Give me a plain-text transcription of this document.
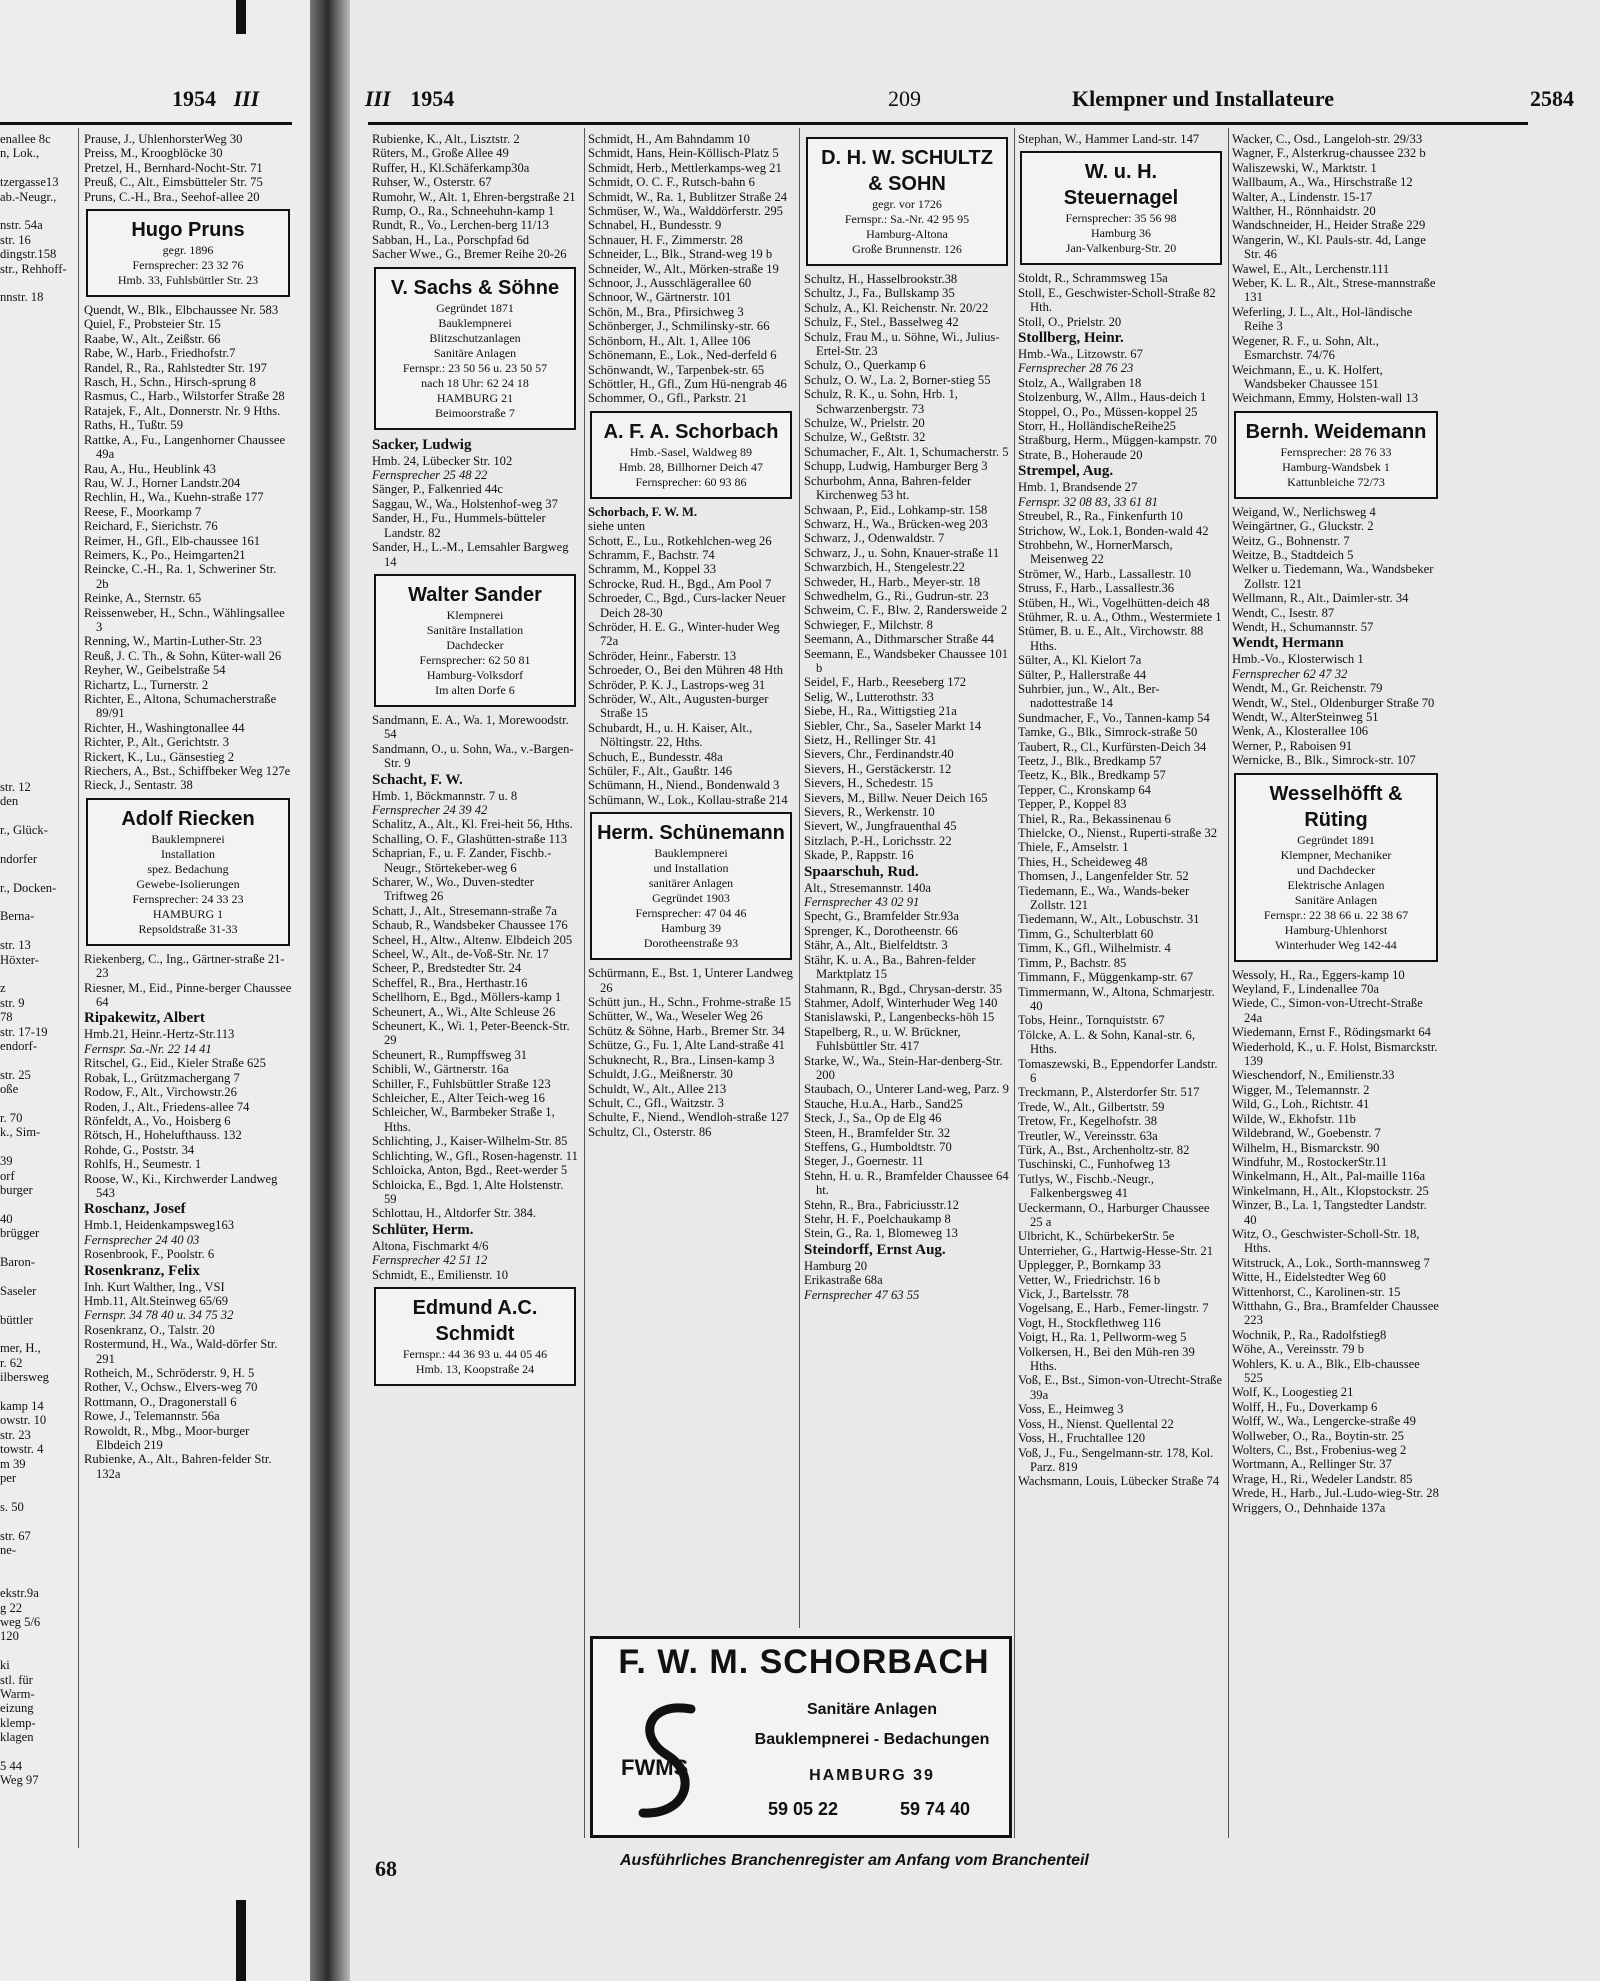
1954 III

enallee 8c

n, Lok.,

tzergasse13

ab.-Neugr.,

nstr. 54a

str. 16

dingstr.158

str., Rehhoff-

nnstr. 18

str. 12

den

r., Glück-

ndorfer

r., Docken-

Berna-

str. 13

Höxter-

z

str. 9

78

str. 17-19

endorf-

str. 25

oße

r. 70

k., Sim-

39

orf

burger

40

brügger

Baron-

Saseler

büttler

mer, H.,

r. 62

ilbersweg

kamp 14

owstr. 10

str. 23

towstr. 4

m 39

per

s. 50

str. 67

ne-

ekstr.9a

g 22

weg 5/6

120

ki

stl. für

Warm-

eizung

klemp-

klagen

5 44

Weg 97

Prause, J., UhlenhorsterWeg 30

Preiss, M., Kroogblöcke 30

Pretzel, H., Bernhard-Nocht-Str. 71

Preuß, C., Alt., Eimsbütteler Str. 75

Pruns, C.-H., Bra., Seehof-allee 20

Hugo Pruns
gegr. 1896
Fernsprecher: 23 32 76
Hmb. 33, Fuhlsbüttler Str. 23

Quendt, W., Blk., Elbchaussee Nr. 583

Quiel, F., Probsteier Str. 15

Raabe, W., Alt., Zeißstr. 66

Rabe, W., Harb., Friedhofstr.7

Randel, R., Ra., Rahlstedter Str. 197

Rasch, H., Schn., Hirsch-sprung 8

Rasmus, C., Harb., Wilstorfer Straße 28

Ratajek, F., Alt., Donnerstr. Nr. 9 Hths.

Raths, H., Tußtr. 59

Rattke, A., Fu., Langenhorner Chaussee 49a

Rau, A., Hu., Heublink 43

Rau, W. J., Horner Landstr.204

Rechlin, H., Wa., Kuehn-straße 177

Reese, F., Moorkamp 7

Reichard, F., Sierichstr. 76

Reimer, H., Gfl., Elb-chaussee 161

Reimers, K., Po., Heimgarten21

Reincke, C.-H., Ra. 1, Schweriner Str. 2b

Reinke, A., Sternstr. 65

Reissenweber, H., Schn., Wählingsallee 3

Renning, W., Martin-Luther-Str. 23

Reuß, J. C. Th., & Sohn, Küter-wall 26

Reyher, W., Geibelstraße 54

Richartz, L., Turnerstr. 2

Richter, E., Altona, Schumacherstraße 89/91

Richter, H., Washingtonallee 44

Richter, P., Alt., Gerichtstr. 3

Rickert, K., Lu., Gänsestieg 2

Riechers, A., Bst., Schiffbeker Weg 127e

Rieck, J., Sentastr. 38

Adolf Riecken
Bauklempnerei
Installation
spez. Bedachung
Gewebe-Isolierungen
Fernsprecher: 24 33 23
HAMBURG 1
Repsoldstraße 31-33

Riekenberg, C., Ing., Gärtner-straße 21-23

Riesner, M., Eid., Pinne-berger Chaussee 64

Ripakewitz, Albert

Hmb.21, Heinr.-Hertz-Str.113

Fernspr. Sa.-Nr. 22 14 41

Ritschel, G., Eid., Kieler Straße 625

Robak, L., Grützmachergang 7

Rodow, F., Alt., Virchowstr.26

Roden, J., Alt., Friedens-allee 74

Rönfeldt, A., Vo., Hoisberg 6

Rötsch, H., Hohelufthauss. 132

Rohde, G., Poststr. 34

Rohlfs, H., Seumestr. 1

Roose, W., Ki., Kirchwerder Landweg 543

Roschanz, Josef

Hmb.1, Heidenkampsweg163

Fernsprecher 24 40 03

Rosenbrook, F., Poolstr. 6

Rosenkranz, Felix

Inh. Kurt Walther, Ing., VSI

Hmb.11, Alt.Steinweg 65/69

Fernspr. 34 78 40 u. 34 75 32

Rosenkranz, O., Talstr. 20

Rostermund, H., Wa., Wald-dörfer Str. 291

Rotheich, M., Schröderstr. 9, H. 5

Rother, V., Ochsw., Elvers-weg 70

Rottmann, O., Dragonerstall 6

Rowe, J., Telemannstr. 56a

Rowoldt, R., Mbg., Moor-burger Elbdeich 219

Rubienke, A., Alt., Bahren-felder Str. 132a

III 1954	209	Klempner und Installateure	2584

Rubienke, K., Alt., Lisztstr. 2

Rüters, M., Große Allee 49

Ruffer, H., Kl.Schäferkamp30a

Ruhser, W., Osterstr. 67

Rumohr, W., Alt. 1, Ehren-bergstraße 21

Rump, O., Ra., Schneehuhn-kamp 1

Rundt, R., Vo., Lerchen-berg 11/13

Sabban, H., La., Porschpfad 6d

Sacher Wwe., G., Bremer Reihe 20-26

V. Sachs & Söhne
Gegründet 1871
Bauklempnerei
Blitzschutzanlagen
Sanitäre Anlagen
Fernspr.: 23 50 56 u. 23 50 57
nach 18 Uhr: 62 24 18
HAMBURG 21
Beimoorstraße 7

Sacker, Ludwig

Hmb. 24, Lübecker Str. 102

Fernsprecher 25 48 22

Sänger, P., Falkenried 44c

Saggau, W., Wa., Holstenhof-weg 37

Sander, H., Fu., Hummels-bütteler Landstr. 82

Sander, H., L.-M., Lemsahler Bargweg 14

Walter Sander
Klempnerei
Sanitäre Installation
Dachdecker
Fernsprecher: 62 50 81
Hamburg-Volksdorf
Im alten Dorfe 6

Sandmann, E. A., Wa. 1, Morewoodstr. 54

Sandmann, O., u. Sohn, Wa., v.-Bargen-Str. 9

Schacht, F. W.

Hmb. 1, Böckmannstr. 7 u. 8

Fernsprecher 24 39 42

Schalitz, A., Alt., Kl. Frei-heit 56, Hths.

Schalling, O. F., Glashütten-straße 113

Schaprian, F., u. F. Zander, Fischb.-Neugr., Störtekeber-weg 6

Scharer, W., Wo., Duven-stedter Triftweg 26

Schatt, J., Alt., Stresemann-straße 7a

Schaub, R., Wandsbeker Chaussee 176

Scheel, H., Altw., Altenw. Elbdeich 205

Scheel, W., Alt., de-Voß-Str. Nr. 17

Scheer, P., Bredstedter Str. 24

Scheffel, R., Bra., Herthastr.16

Schellhorn, E., Bgd., Möllers-kamp 1

Scheunert, A., Wi., Alte Schleuse 26

Scheunert, K., Wi. 1, Peter-Beenck-Str. 29

Scheunert, R., Rumpffsweg 31

Schibli, W., Gärtnerstr. 16a

Schiller, F., Fuhlsbüttler Straße 123

Schleicher, E., Alter Teich-weg 16

Schleicher, W., Barmbeker Straße 1, Hths.

Schlichting, J., Kaiser-Wilhelm-Str. 85

Schlichting, W., Gfl., Rosen-hagenstr. 11

Schloicka, Anton, Bgd., Reet-werder 5

Schloicka, E., Bgd. 1, Alte Holstenstr. 59

Schlottau, H., Altdorfer Str. 384.

Schlüter, Herm.

Altona, Fischmarkt 4/6

Fernsprecher 42 51 12

Schmidt, E., Emilienstr. 10

Edmund A.C. Schmidt
Fernspr.: 44 36 93 u. 44 05 46
Hmb. 13, Koopstraße 24

Schmidt, H., Am Bahndamm 10

Schmidt, Hans, Hein-Köllisch-Platz 5

Schmidt, Herb., Mettlerkamps-weg 21

Schmidt, O. C. F., Rutsch-bahn 6

Schmidt, W., Ra. 1, Bublitzer Straße 24

Schmüser, W., Wa., Walddörferstr. 295

Schnabel, H., Bundesstr. 9

Schnauer, H. F., Zimmerstr. 28

Schneider, L., Blk., Strand-weg 19 b

Schneider, W., Alt., Mörken-straße 19

Schnoor, J., Ausschlägerallee 60

Schnoor, W., Gärtnerstr. 101

Schön, M., Bra., Pfirsichweg 3

Schönberger, J., Schmilinsky-str. 66

Schönborn, H., Alt. 1, Allee 106

Schönemann, E., Lok., Ned-derfeld 6

Schönwandt, W., Tarpenbek-str. 65

Schöttler, H., Gfl., Zum Hü-nengrab 46

Schommer, O., Gfl., Parkstr. 21

A. F. A. Schorbach
Hmb.-Sasel, Waldweg 89
Hmb. 28, Billhorner Deich 47
Fernsprecher: 60 93 86

Schorbach, F. W. M.

siehe unten

Schott, E., Lu., Rotkehlchen-weg 26

Schramm, F., Bachstr. 74

Schramm, M., Koppel 33

Schrocke, Rud. H., Bgd., Am Pool 7

Schroeder, C., Bgd., Curs-lacker Neuer Deich 28-30

Schröder, H. E. G., Winter-huder Weg 72a

Schröder, Heinr., Faberstr. 13

Schroeder, O., Bei den Mühren 48 Hth

Schröder, P. K. J., Lastrops-weg 31

Schröder, W., Alt., Augusten-burger Straße 15

Schubardt, H., u. H. Kaiser, Alt., Nöltingstr. 22, Hths.

Schuch, E., Bundesstr. 48a

Schüler, F., Alt., Gaußtr. 146

Schümann, H., Niend., Bondenwald 3

Schümann, W., Lok., Kollau-straße 214

Herm. Schünemann
Bauklempnerei
und Installation
sanitärer Anlagen
Gegründet 1903
Fernsprecher: 47 04 46
Hamburg 39
Dorotheenstraße 93

Schürmann, E., Bst. 1, Unterer Landweg 26

Schütt jun., H., Schn., Frohme-straße 15

Schütter, W., Wa., Weseler Weg 26

Schütz & Söhne, Harb., Bremer Str. 34

Schütze, G., Fu. 1, Alte Land-straße 41

Schuknecht, R., Bra., Linsen-kamp 3

Schuldt, J.G., Meißnerstr. 30

Schuldt, W., Alt., Allee 213

Schult, C., Gfl., Waitzstr. 3

Schulte, F., Niend., Wendloh-straße 127

Schultz, Cl., Osterstr. 86

D. H. W. SCHULTZ & SOHN
gegr. vor 1726
Fernspr.: Sa.-Nr. 42 95 95
Hamburg-Altona
Große Brunnenstr. 126

Schultz, H., Hasselbrookstr.38

Schultz, J., Fa., Bullskamp 35

Schulz, A., Kl. Reichenstr. Nr. 20/22

Schulz, F., Stel., Basselweg 42

Schulz, Frau M., u. Söhne, Wi., Julius-Ertel-Str. 23

Schulz, O., Querkamp 6

Schulz, O. W., La. 2, Borner-stieg 55

Schulz, R. K., u. Sohn, Hrb. 1, Schwarzenbergstr. 73

Schulze, W., Prielstr. 20

Schulze, W., Geßtstr. 32

Schumacher, F., Alt. 1, Schumacherstr. 5

Schupp, Ludwig, Hamburger Berg 3

Schurbohm, Anna, Bahren-felder Kirchenweg 53 ht.

Schwaan, P., Eid., Lohkamp-str. 158

Schwarz, H., Wa., Brücken-weg 203

Schwarz, J., Odenwaldstr. 7

Schwarz, J., u. Sohn, Knauer-straße 11

Schwarzbich, H., Stengelestr.22

Schweder, H., Harb., Meyer-str. 18

Schwedhelm, G., Ri., Gudrun-str. 23

Schweim, C. F., Blw. 2, Randersweide 2

Schwieger, F., Milchstr. 8

Seemann, A., Dithmarscher Straße 44

Seemann, E., Wandsbeker Chaussee 101 b

Seidel, F., Harb., Reeseberg 172

Selig, W., Lutterothstr. 33

Siebe, H., Ra., Wittigstieg 21a

Siebler, Chr., Sa., Saseler Markt 14

Sietz, H., Rellinger Str. 41

Sievers, Chr., Ferdinandstr.40

Sievers, H., Gerstäckerstr. 12

Sievers, H., Schedestr. 15

Sievers, M., Billw. Neuer Deich 165

Sievers, R., Werkenstr. 10

Sievert, W., Jungfrauenthal 45

Sitzlach, P.-H., Lorichsstr. 22

Skade, P., Rappstr. 16

Spaarschuh, Rud.

Alt., Stresemannstr. 140a

Fernsprecher 43 02 91

Specht, G., Bramfelder Str.93a

Sprenger, K., Dorotheenstr. 66

Stähr, A., Alt., Bielfeldtstr. 3

Stähr, K. u. A., Ba., Bahren-felder Marktplatz 15

Stahmann, R., Bgd., Chrysan-derstr. 35

Stahmer, Adolf, Winterhuder Weg 140

Stanislawski, P., Langenbecks-höh 15

Stapelberg, R., u. W. Brückner, Fuhlsbüttler Str. 417

Starke, W., Wa., Stein-Har-denberg-Str. 200

Staubach, O., Unterer Land-weg, Parz. 9

Stauche, H.u.A., Harb., Sand25

Steck, J., Sa., Op de Elg 46

Steen, H., Bramfelder Str. 32

Steffens, G., Humboldtstr. 70

Steger, J., Goernestr. 11

Stehn, H. u. R., Bramfelder Chaussee 64 ht.

Stehn, R., Bra., Fabriciusstr.12

Stehr, H. F., Poelchaukamp 8

Stein, G., Ra. 1, Blomeweg 13

Steindorff, Ernst Aug.

Hamburg 20

Erikastraße 68a

Fernsprecher 47 63 55

Stephan, W., Hammer Land-str. 147

W. u. H. Steuernagel
Fernsprecher: 35 56 98
Hamburg 36
Jan-Valkenburg-Str. 20

Stoldt, R., Schrammsweg 15a

Stoll, E., Geschwister-Scholl-Straße 82 Hth.

Stoll, O., Prielstr. 20

Stollberg, Heinr.

Hmb.-Wa., Litzowstr. 67

Fernsprecher 28 76 23

Stolz, A., Wallgraben 18

Stolzenburg, W., Allm., Haus-deich 1

Stoppel, O., Po., Müssen-koppel 25

Storr, H., HolländischeReihe25

Straßburg, Herm., Müggen-kampstr. 70

Strate, B., Hoheraude 20

Strempel, Aug.

Hmb. 1, Brandsende 27

Fernspr. 32 08 83, 33 61 81

Streubel, R., Ra., Finkenfurth 10

Strichow, W., Lok.1, Bonden-wald 42

Strohbehn, W., HornerMarsch, Meisenweg 22

Strömer, W., Harb., Lassallestr. 10

Struss, F., Harb., Lassallestr.36

Stüben, H., Wi., Vogelhütten-deich 48

Stühmer, R. u. A., Othm., Westermiete 1

Stümer, B. u. E., Alt., Virchowstr. 88 Hths.

Sülter, A., Kl. Kielort 7a

Sülter, P., Hallerstraße 44

Suhrbier, jun., W., Alt., Ber-nadottestraße 14

Sundmacher, F., Vo., Tannen-kamp 54

Tamke, G., Blk., Simrock-straße 50

Taubert, R., Cl., Kurfürsten-Deich 34

Teetz, J., Blk., Bredkamp 57

Teetz, K., Blk., Bredkamp 57

Tepper, C., Kronskamp 64

Tepper, P., Koppel 83

Thiel, R., Ra., Bekassinenau 6

Thielcke, O., Nienst., Ruperti-straße 32

Thiele, F., Amselstr. 1

Thies, H., Scheideweg 48

Thomsen, J., Langenfelder Str. 52

Tiedemann, E., Wa., Wands-beker Zollstr. 121

Tiedemann, W., Alt., Lobuschstr. 31

Timm, G., Schulterblatt 60

Timm, K., Gfl., Wilhelmistr. 4

Timm, P., Bachstr. 85

Timmann, F., Müggenkamp-str. 67

Timmermann, W., Altona, Schmarjestr. 40

Tobs, Heinr., Tornquiststr. 67

Tölcke, A. L. & Sohn, Kanal-str. 6, Hths.

Tomaszewski, B., Eppendorfer Landstr. 6

Treckmann, P., Alsterdorfer Str. 517

Trede, W., Alt., Gilbertstr. 59

Tretow, Fr., Kegelhofstr. 38

Treutler, W., Vereinsstr. 63a

Türk, A., Bst., Archenholtz-str. 82

Tuschinski, C., Funhofweg 13

Tutlys, W., Fischb.-Neugr., Falkenbergsweg 41

Ueckermann, O., Harburger Chaussee 25 a

Ulbricht, K., SchürbekerStr. 5e

Unterrieher, G., Hartwig-Hesse-Str. 21

Upplegger, P., Bornkamp 33

Vetter, W., Friedrichstr. 16 b

Vick, J., Bartelsstr. 78

Vogelsang, E., Harb., Femer-lingstr. 7

Vogt, H., Stockflethweg 116

Voigt, H., Ra. 1, Pellworm-weg 5

Volkersen, H., Bei den Müh-ren 39 Hths.

Voß, E., Bst., Simon-von-Utrecht-Straße 39a

Voss, E., Heimweg 3

Voss, H., Nienst. Quellental 22

Voss, H., Fruchtallee 120

Voß, J., Fu., Sengelmann-str. 178, Kol. Parz. 819

Wachsmann, Louis, Lübecker Straße 74

Wacker, C., Osd., Langeloh-str. 29/33

Wagner, F., Alsterkrug-chaussee 232 b

Waliszewski, W., Marktstr. 1

Wallbaum, A., Wa., Hirschstraße 12

Walter, A., Lindenstr. 15-17

Walther, H., Rönnhaidstr. 20

Wandschneider, H., Heider Straße 229

Wangerin, W., Kl. Pauls-str. 4d, Lange Str. 46

Wawel, E., Alt., Lerchenstr.111

Weber, K. L. R., Alt., Strese-mannstraße 131

Weferling, J. L., Alt., Hol-ländische Reihe 3

Wegener, R. F., u. Sohn, Alt., Esmarchstr. 74/76

Weichmann, E., u. K. Holfert, Wandsbeker Chaussee 151

Weichmann, Emmy, Holsten-wall 13

Bernh. Weidemann
Fernsprecher: 28 76 33
Hamburg-Wandsbek 1
Kattunbleiche 72/73

Weigand, W., Nerlichsweg 4

Weingärtner, G., Gluckstr. 2

Weitz, G., Bohnenstr. 7

Weitze, B., Stadtdeich 5

Welker u. Tiedemann, Wa., Wandsbeker Zollstr. 121

Wellmann, R., Alt., Daimler-str. 34

Wendt, C., Isestr. 87

Wendt, H., Schumannstr. 57

Wendt, Hermann

Hmb.-Vo., Klosterwisch 1

Fernsprecher 62 47 32

Wendt, M., Gr. Reichenstr. 79

Wendt, W., Stel., Oldenburger Straße 70

Wendt, W., AlterSteinweg 51

Wenk, A., Klosterallee 106

Werner, P., Raboisen 91

Wernicke, B., Blk., Simrock-str. 107

Wesselhöfft & Rüting
Gegründet 1891
Klempner, Mechaniker
und Dachdecker
Elektrische Anlagen
Sanitäre Anlagen
Fernspr.: 22 38 66 u. 22 38 67
Hamburg-Uhlenhorst
Winterhuder Weg 142-44

Wessoly, H., Ra., Eggers-kamp 10

Weyland, F., Lindenallee 70a

Wiede, C., Simon-von-Utrecht-Straße 24a

Wiedemann, Ernst F., Rödingsmarkt 64

Wiederhold, K., u. F. Holst, Bismarckstr. 139

Wieschendorf, N., Emilienstr.33

Wigger, M., Telemannstr. 2

Wild, G., Loh., Richtstr. 41

Wilde, W., Ekhofstr. 11b

Wildebrand, W., Goebenstr. 7

Wilhelm, H., Bismarckstr. 90

Windfuhr, M., RostockerStr.11

Winkelmann, H., Alt., Pal-maille 116a

Winkelmann, H., Alt., Klopstockstr. 25

Winzer, B., La. 1, Tangstedter Landstr. 40

Witz, O., Geschwister-Scholl-Str. 18, Hths.

Witstruck, A., Lok., Sorth-mannsweg 7

Witte, H., Eidelstedter Weg 60

Wittenhorst, C., Karolinen-str. 15

Witthahn, G., Bra., Bramfelder Chaussee 223

Wochnik, P., Ra., Radolfstieg8

Wöhe, A., Vereinsstr. 79 b

Wohlers, K. u. A., Blk., Elb-chaussee 525

Wolf, K., Loogestieg 21

Wolff, H., Fu., Doverkamp 6

Wolff, W., Wa., Lengercke-straße 49

Wollweber, O., Ra., Boytin-str. 25

Wolters, C., Bst., Frobenius-weg 2

Wortmann, A., Rellinger Str. 37

Wrage, H., Ri., Wedeler Landstr. 85

Wrede, H., Harb., Jul.-Ludo-wieg-Str. 28

Wriggers, O., Dehnhaide 137a

F. W. M. SCHORBACH
FWMS
Sanitäre Anlagen
Bauklempnerei - Bedachungen
HAMBURG 39
59 05 22	59 74 40
68	Ausführliches Branchenregister am Anfang vom Branchenteil
